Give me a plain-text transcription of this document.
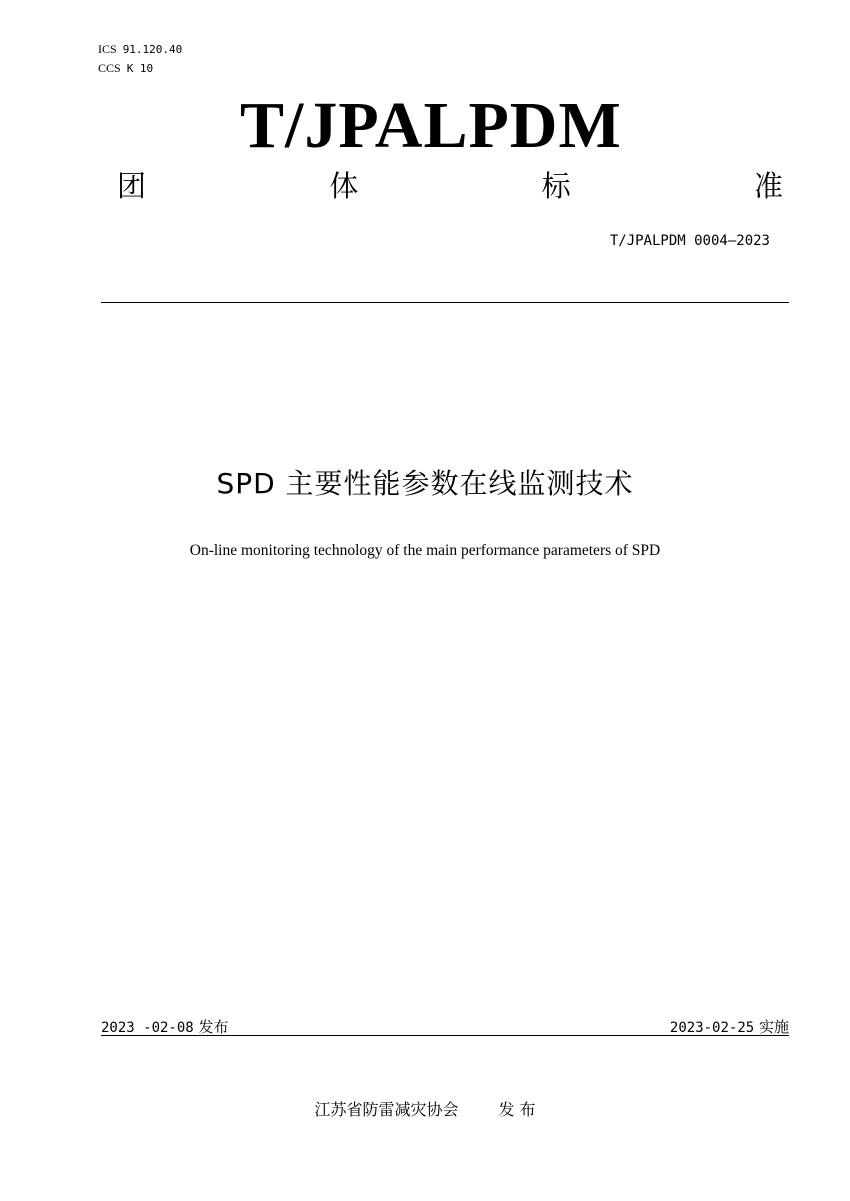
ICS 91.120.40
CCS K 10
T/JPALPDM
团	体	标	准
T/JPALPDM 0004—2023
SPD 主要性能参数在线监测技术
On-line monitoring technology of the main performance parameters of SPD
2023 -02-08 发布	2023-02-25 实施
江苏省防雷减灾协会	发 布
